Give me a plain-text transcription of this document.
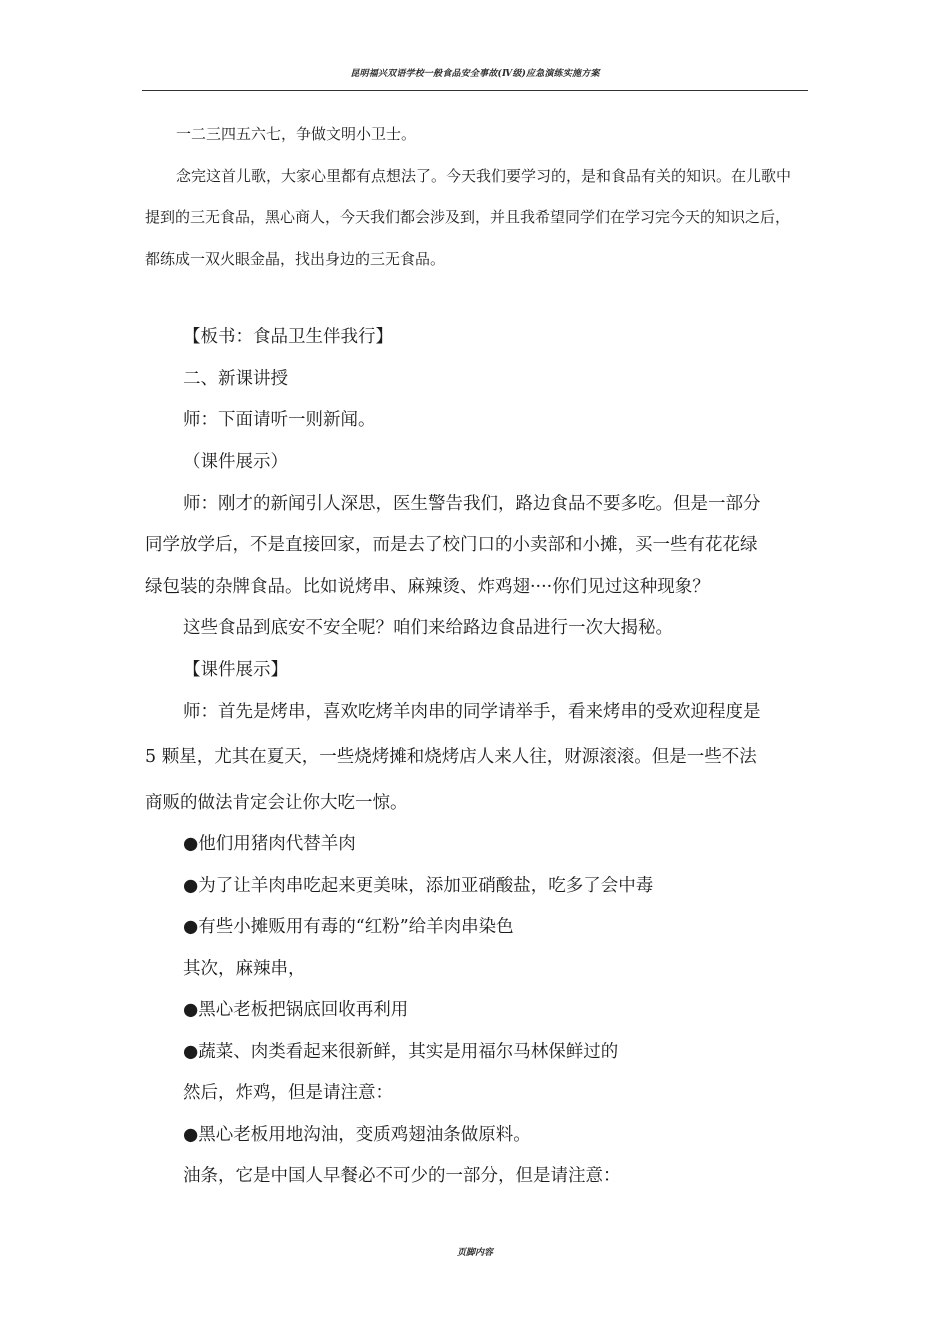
昆明福兴双语学校一般食品安全事故(Ⅳ级)应急演练实施方案
一二三四五六七，争做文明小卫士。
念完这首儿歌，大家心里都有点想法了。今天我们要学习的，是和食品有关的知识。在儿歌中
提到的三无食品，黑心商人，今天我们都会涉及到，并且我希望同学们在学习完今天的知识之后，
都练成一双火眼金晶，找出身边的三无食品。
【板书：食品卫生伴我行】
二、新课讲授
师：下面请听一则新闻。
（课件展示）
师：刚才的新闻引人深思，医生警告我们，路边食品不要多吃。但是一部分
同学放学后，不是直接回家，而是去了校门口的小卖部和小摊，买一些有花花绿
绿包装的杂牌食品。比如说烤串、麻辣烫、炸鸡翅····你们见过这种现象？
这些食品到底安不安全呢？咱们来给路边食品进行一次大揭秘。
【课件展示】
师：首先是烤串，喜欢吃烤羊肉串的同学请举手，看来烤串的受欢迎程度是
5 颗星，尤其在夏天，一些烧烤摊和烧烤店人来人往，财源滚滚。但是一些不法
商贩的做法肯定会让你大吃一惊。
●他们用猪肉代替羊肉
●为了让羊肉串吃起来更美味，添加亚硝酸盐，吃多了会中毒
●有些小摊贩用有毒的“红粉”给羊肉串染色
其次，麻辣串，
●黑心老板把锅底回收再利用
●蔬菜、肉类看起来很新鲜，其实是用福尔马林保鲜过的
然后，炸鸡，但是请注意：
●黑心老板用地沟油，变质鸡翅油条做原料。
油条，它是中国人早餐必不可少的一部分，但是请注意：
页脚内容
